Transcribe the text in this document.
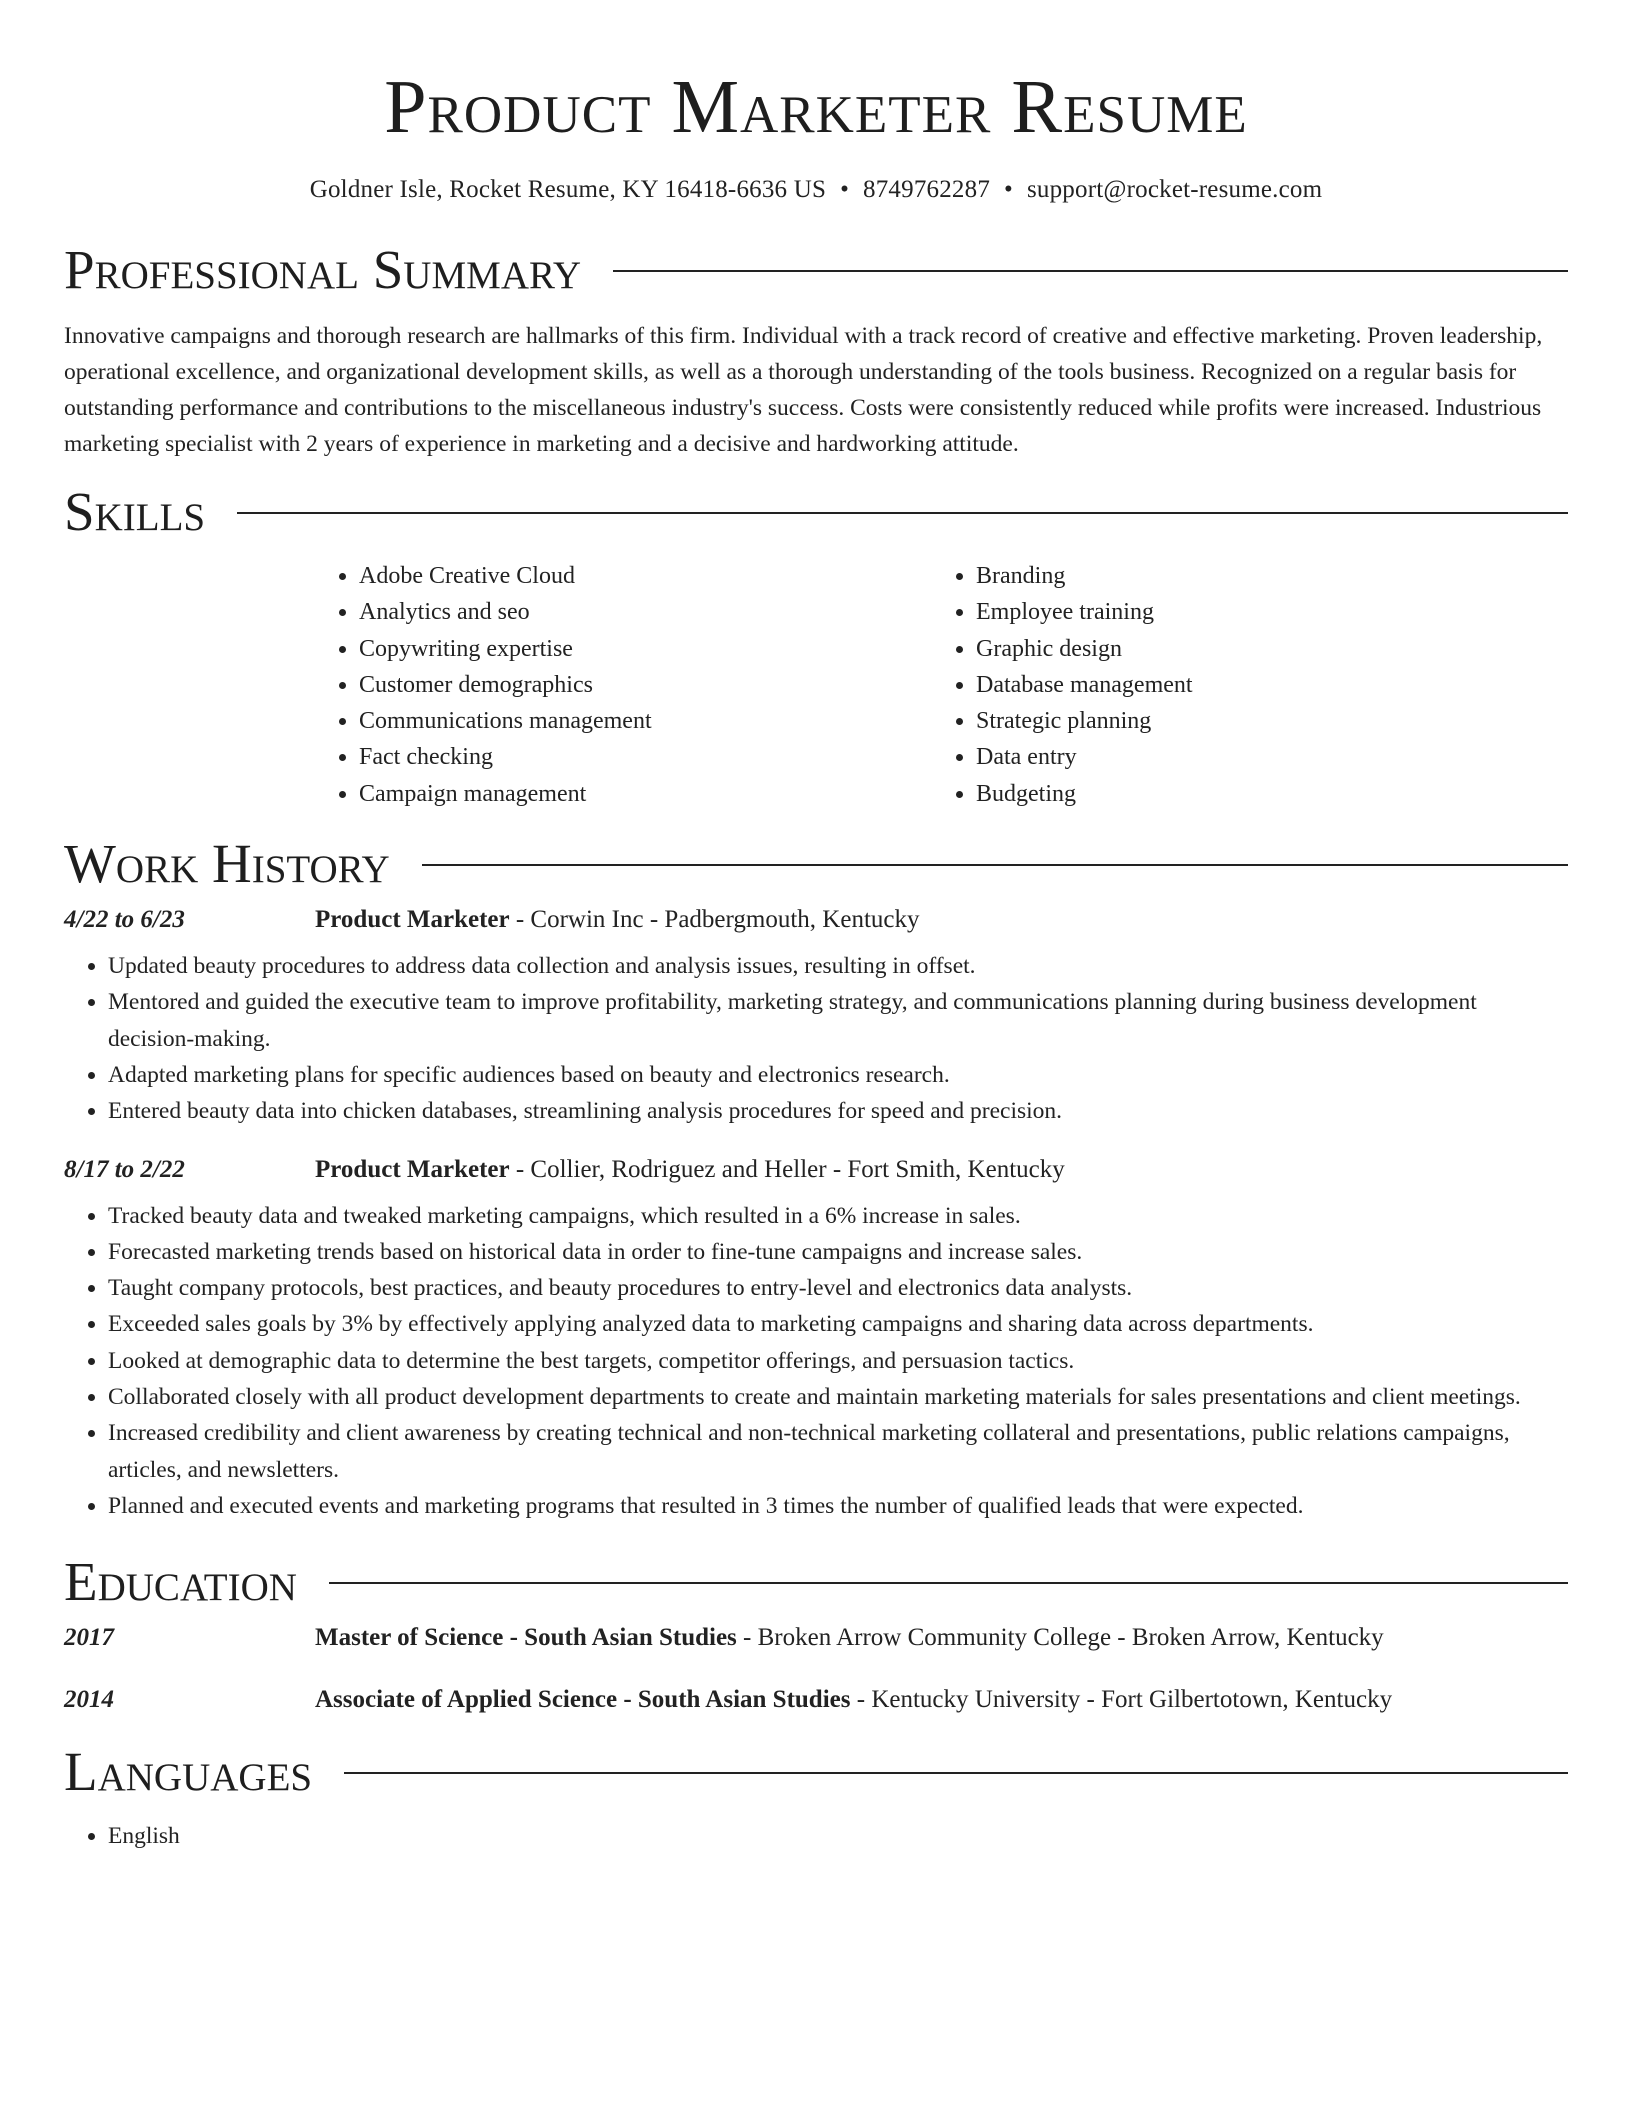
Product Marketer Resume
Goldner Isle, Rocket Resume, KY 16418-6636 US • 8749762287 • support@rocket-resume.com
Professional Summary

Innovative campaigns and thorough research are hallmarks of this firm. Individual with a track record of creative and effective marketing. Proven leadership, operational excellence, and organizational development skills, as well as a thorough understanding of the tools business. Recognized on a regular basis for outstanding performance and contributions to the miscellaneous industry's success. Costs were consistently reduced while profits were increased. Industrious marketing specialist with 2 years of experience in marketing and a decisive and hardworking attitude.

Skills
• Adobe Creative Cloud
• Analytics and seo
• Copywriting expertise
• Customer demographics
• Communications management
• Fact checking
• Campaign management
• Branding
• Employee training
• Graphic design
• Database management
• Strategic planning
• Data entry
• Budgeting
Work History
4/22 to 6/23	Product Marketer - Corwin Inc - Padbergmouth, Kentucky
• Updated beauty procedures to address data collection and analysis issues, resulting in offset.
• Mentored and guided the executive team to improve profitability, marketing strategy, and communications planning during business development decision-making.
• Adapted marketing plans for specific audiences based on beauty and electronics research.
• Entered beauty data into chicken databases, streamlining analysis procedures for speed and precision.
8/17 to 2/22	Product Marketer - Collier, Rodriguez and Heller - Fort Smith, Kentucky
• Tracked beauty data and tweaked marketing campaigns, which resulted in a 6% increase in sales.
• Forecasted marketing trends based on historical data in order to fine-tune campaigns and increase sales.
• Taught company protocols, best practices, and beauty procedures to entry-level and electronics data analysts.
• Exceeded sales goals by 3% by effectively applying analyzed data to marketing campaigns and sharing data across departments.
• Looked at demographic data to determine the best targets, competitor offerings, and persuasion tactics.
• Collaborated closely with all product development departments to create and maintain marketing materials for sales presentations and client meetings.
• Increased credibility and client awareness by creating technical and non-technical marketing collateral and presentations, public relations campaigns, articles, and newsletters.
• Planned and executed events and marketing programs that resulted in 3 times the number of qualified leads that were expected.
Education
2017	Master of Science - South Asian Studies - Broken Arrow Community College - Broken Arrow, Kentucky
2014	Associate of Applied Science - South Asian Studies - Kentucky University - Fort Gilbertotown, Kentucky
Languages
• English
